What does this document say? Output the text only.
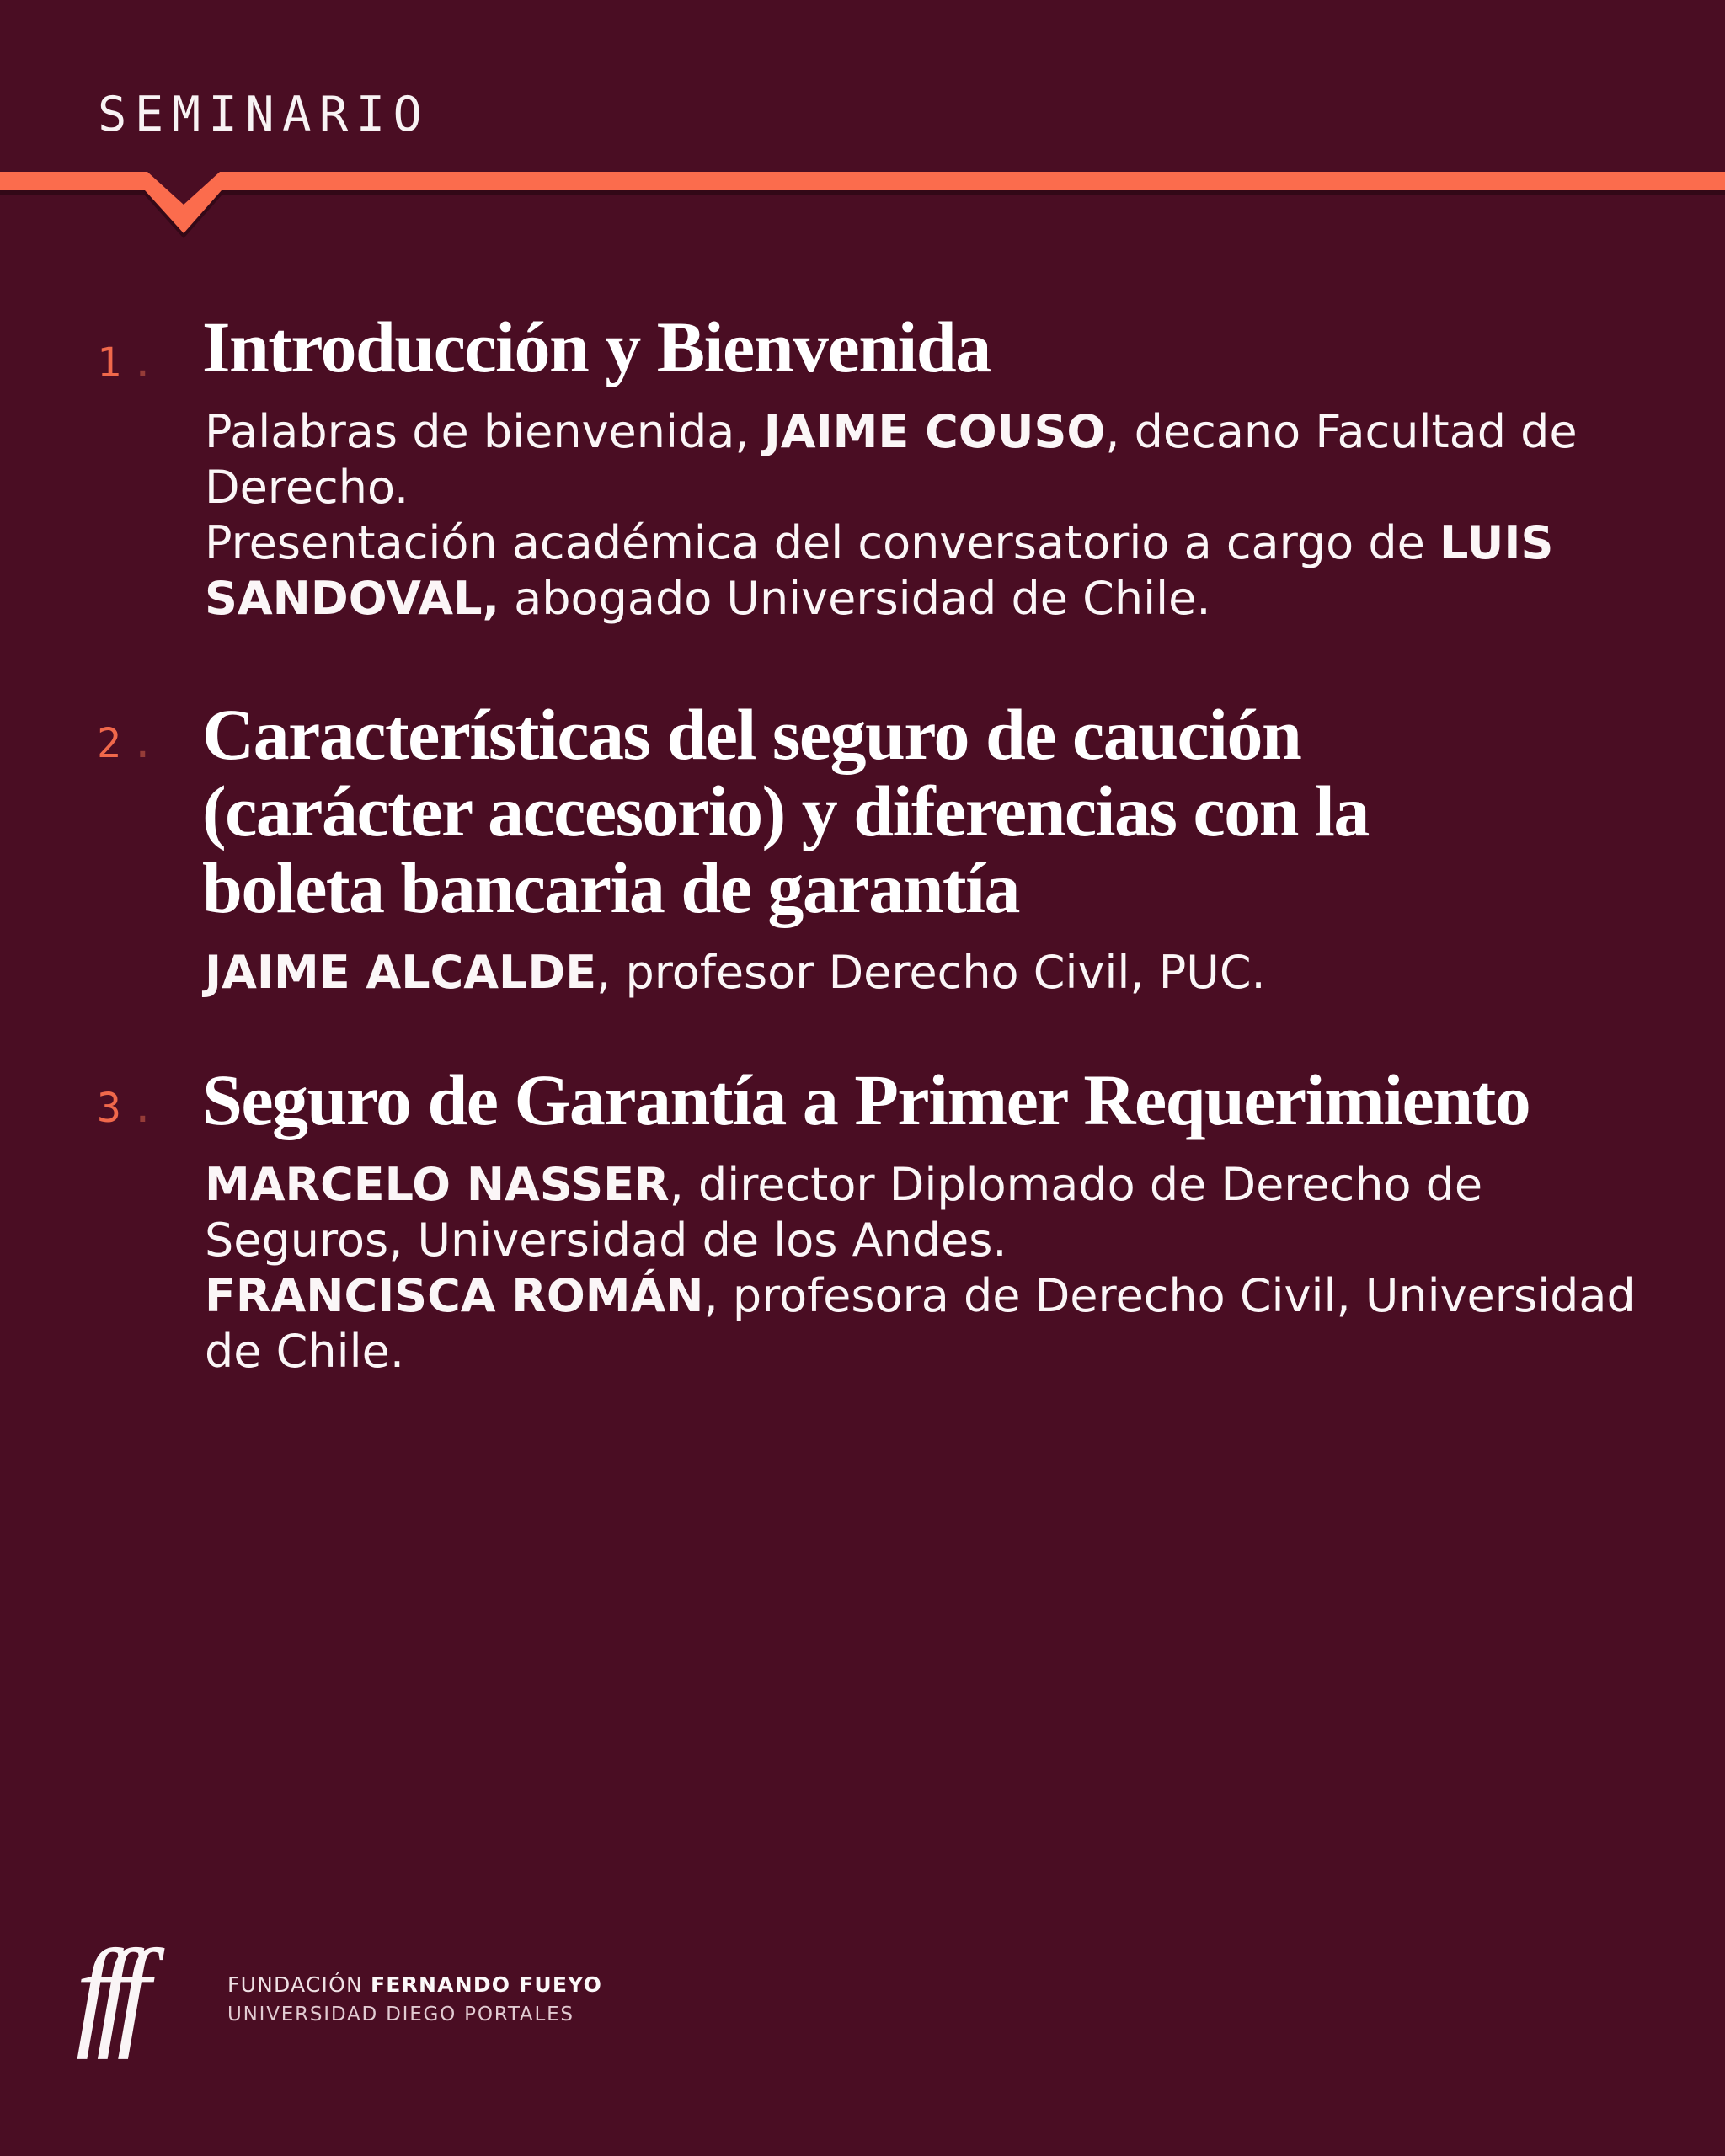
SEMINARIO
1 . Introducción y Bienvenida
Palabras de bienvenida, JAIME COUSO, decano Facultad de
Derecho.
Presentación académica del conversatorio a cargo de LUIS
SANDOVAL, abogado Universidad de Chile.
2 . Características del seguro de caución
(carácter accesorio) y diferencias con la
boleta bancaria de garantía
JAIME ALCALDE, profesor Derecho Civil, PUC.
3 . Seguro de Garantía a Primer Requerimiento
MARCELO NASSER, director Diplomado de Derecho de
Seguros, Universidad de los Andes.
FRANCISCA ROMÁN, profesora de Derecho Civil, Universidad
de Chile.
fff	FUNDACIÓN FERNANDO FUEYO
UNIVERSIDAD DIEGO PORTALES
